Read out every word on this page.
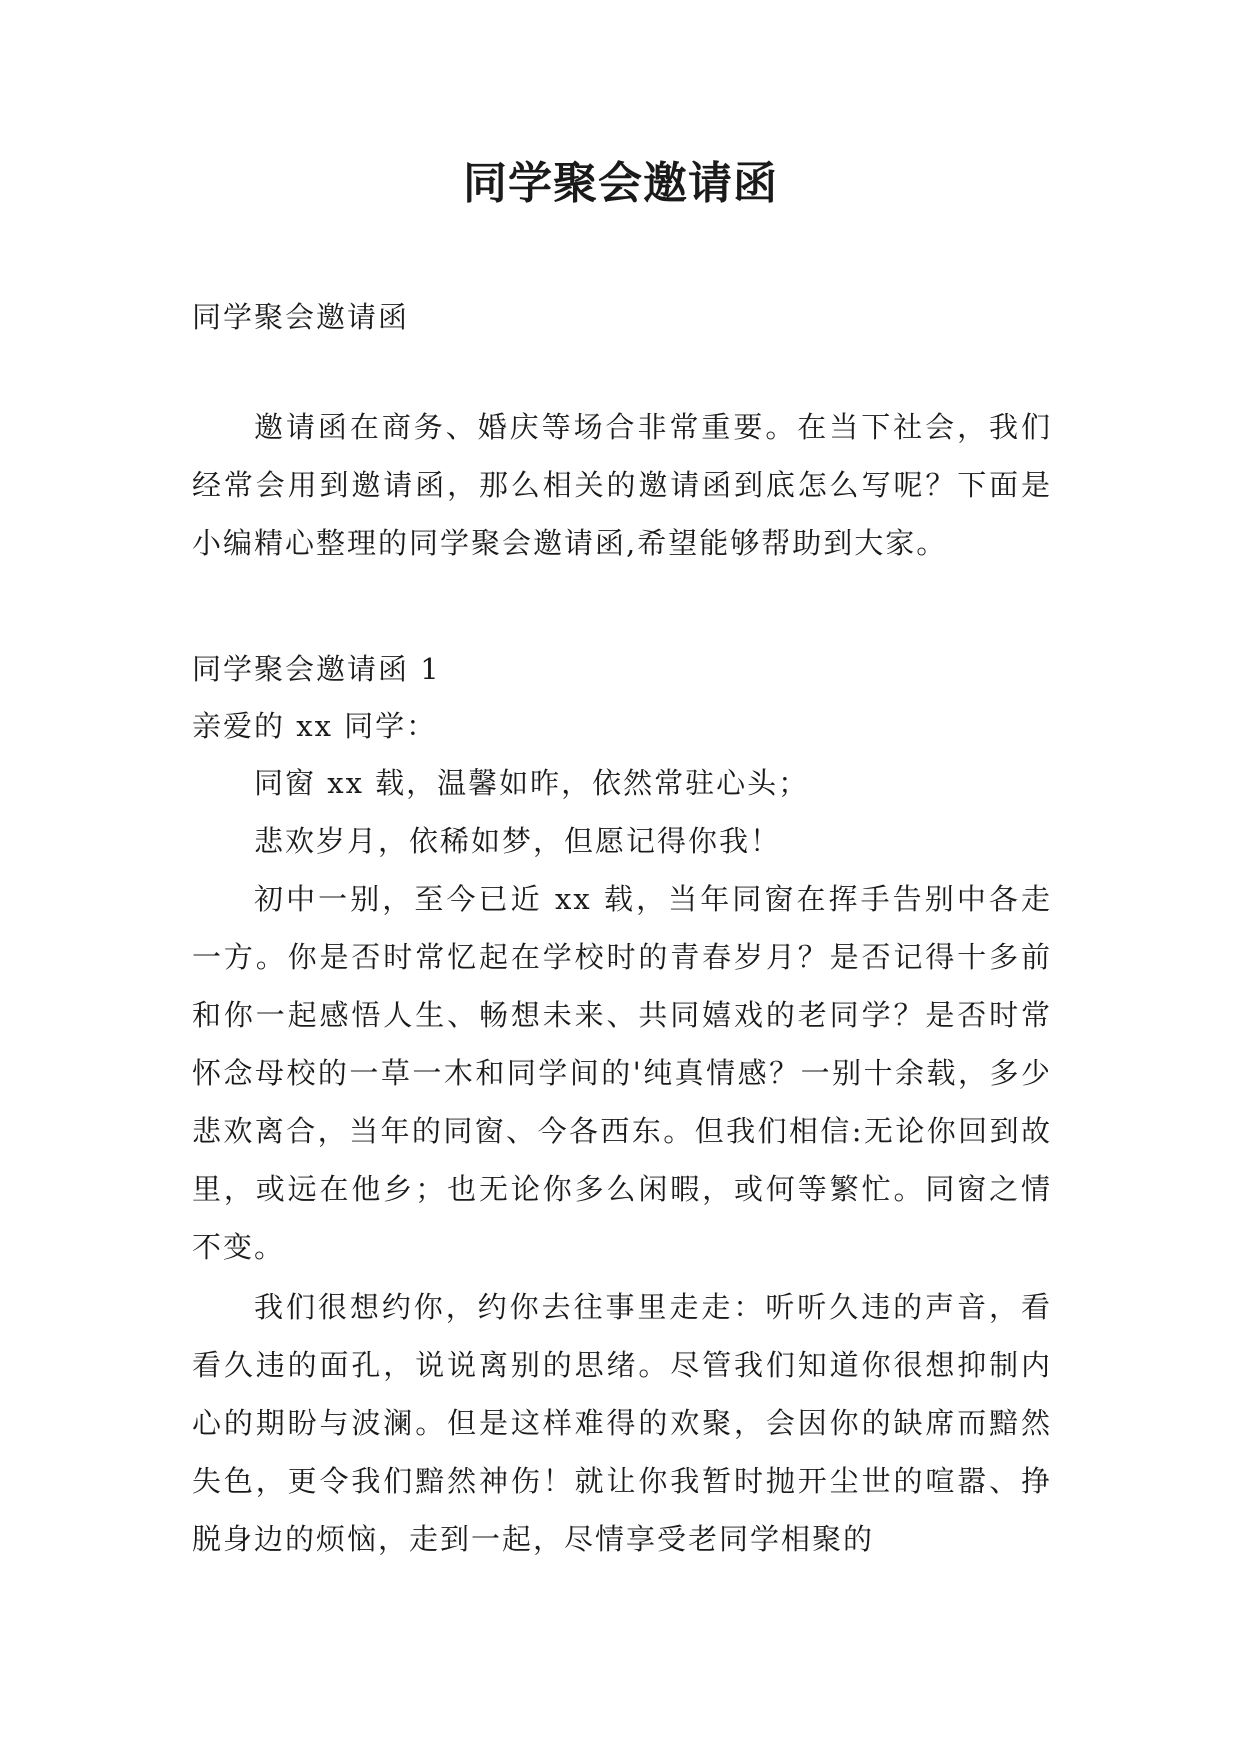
同学聚会邀请函

同学聚会邀请函

邀请函在商务、婚庆等场合非常重要。在当下社会，我们经常会用到邀请函，那么相关的邀请函到底怎么写呢？下面是小编精心整理的同学聚会邀请函,希望能够帮助到大家。

同学聚会邀请函 1

亲爱的 xx 同学：

同窗 xx 载，温馨如昨，依然常驻心头；

悲欢岁月，依稀如梦，但愿记得你我！

初中一别，至今已近 xx 载，当年同窗在挥手告别中各走一方。你是否时常忆起在学校时的青春岁月？是否记得十多前和你一起感悟人生、畅想未来、共同嬉戏的老同学？是否时常怀念母校的一草一木和同学间的'纯真情感？一别十余载，多少悲欢离合，当年的同窗、今各西东。但我们相信:无论你回到故里，或远在他乡；也无论你多么闲暇，或何等繁忙。同窗之情不变。

我们很想约你，约你去往事里走走：听听久违的声音，看看久违的面孔，说说离别的思绪。尽管我们知道你很想抑制内心的期盼与波澜。但是这样难得的欢聚，会因你的缺席而黯然失色，更令我们黯然神伤！就让你我暂时抛开尘世的喧嚣、挣脱身边的烦恼，走到一起，尽情享受老同学相聚的
